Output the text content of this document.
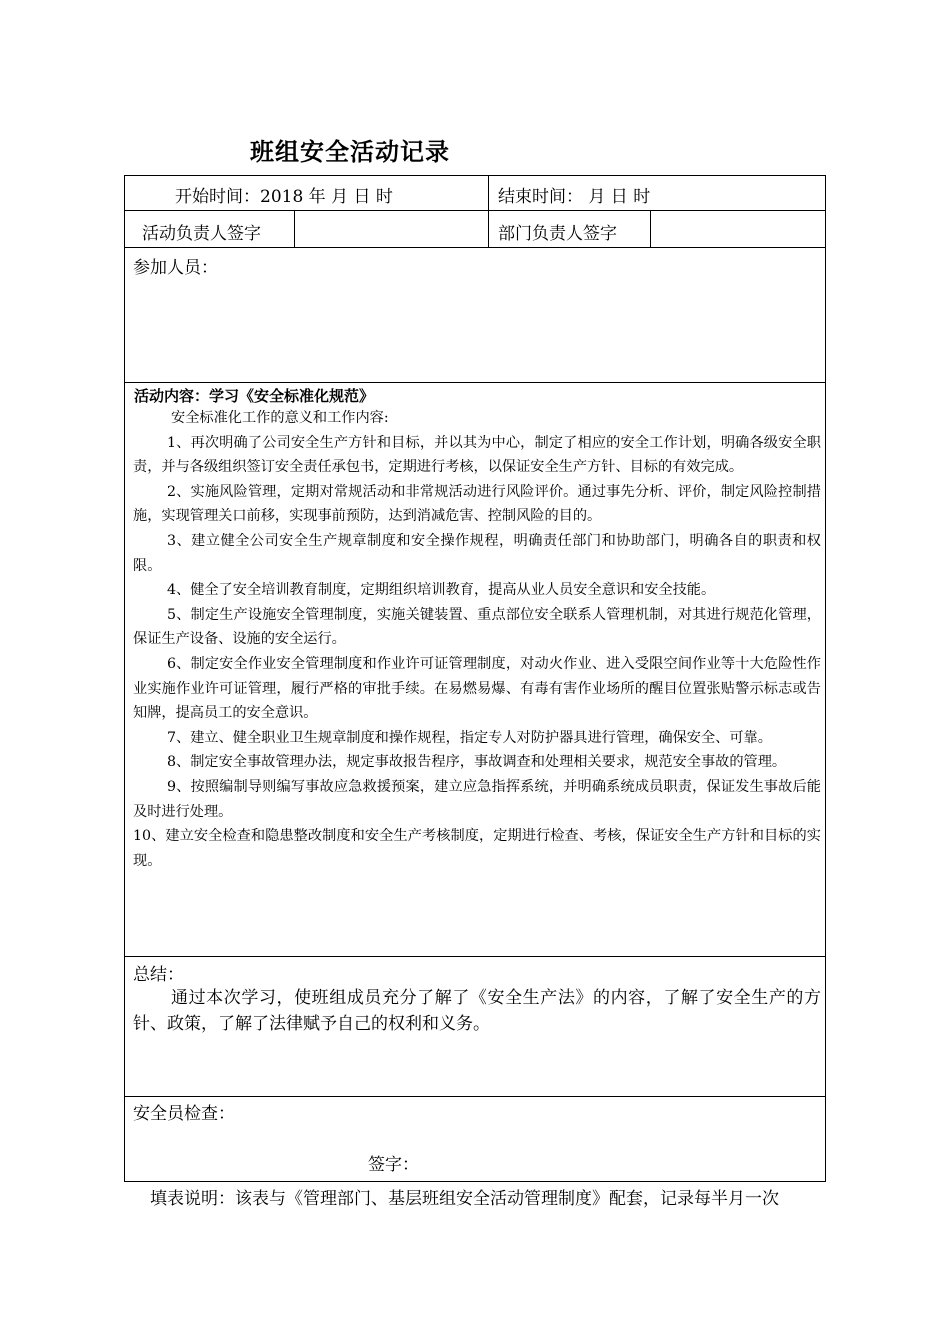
班组安全活动记录
开始时间：2018 年 月 日 时	结束时间： 月 日 时
活动负责人签字	部门负责人签字
参加人员：
活动内容：学习《安全标准化规范》

安全标准化工作的意义和工作内容:

1、再次明确了公司安全生产方针和目标，并以其为中心，制定了相应的安全工作计划，明确各级安全职责，并与各级组织签订安全责任承包书，定期进行考核，以保证安全生产方针、目标的有效完成。

2、实施风险管理，定期对常规活动和非常规活动进行风险评价。通过事先分析、评价，制定风险控制措施，实现管理关口前移，实现事前预防，达到消减危害、控制风险的目的。

3、建立健全公司安全生产规章制度和安全操作规程，明确责任部门和协助部门，明确各自的职责和权限。

4、健全了安全培训教育制度，定期组织培训教育，提高从业人员安全意识和安全技能。

5、制定生产设施安全管理制度，实施关键装置、重点部位安全联系人管理机制，对其进行规范化管理，保证生产设备、设施的安全运行。

6、制定安全作业安全管理制度和作业许可证管理制度，对动火作业、进入受限空间作业等十大危险性作业实施作业许可证管理，履行严格的审批手续。在易燃易爆、有毒有害作业场所的醒目位置张贴警示标志或告知牌，提高员工的安全意识。

7、建立、健全职业卫生规章制度和操作规程，指定专人对防护器具进行管理，确保安全、可靠。

8、制定安全事故管理办法，规定事故报告程序，事故调查和处理相关要求，规范安全事故的管理。

9、按照编制导则编写事故应急救援预案，建立应急指挥系统，并明确系统成员职责，保证发生事故后能及时进行处理。

10、建立安全检查和隐患整改制度和安全生产考核制度，定期进行检查、考核，保证安全生产方针和目标的实现。

总结：
通过本次学习，使班组成员充分了解了《安全生产法》的内容，了解了安全生产的方针、政策，了解了法律赋予自己的权利和义务。
安全员检查：
签字：
填表说明：该表与《管理部门、基层班组安全活动管理制度》配套，记录每半月一次
